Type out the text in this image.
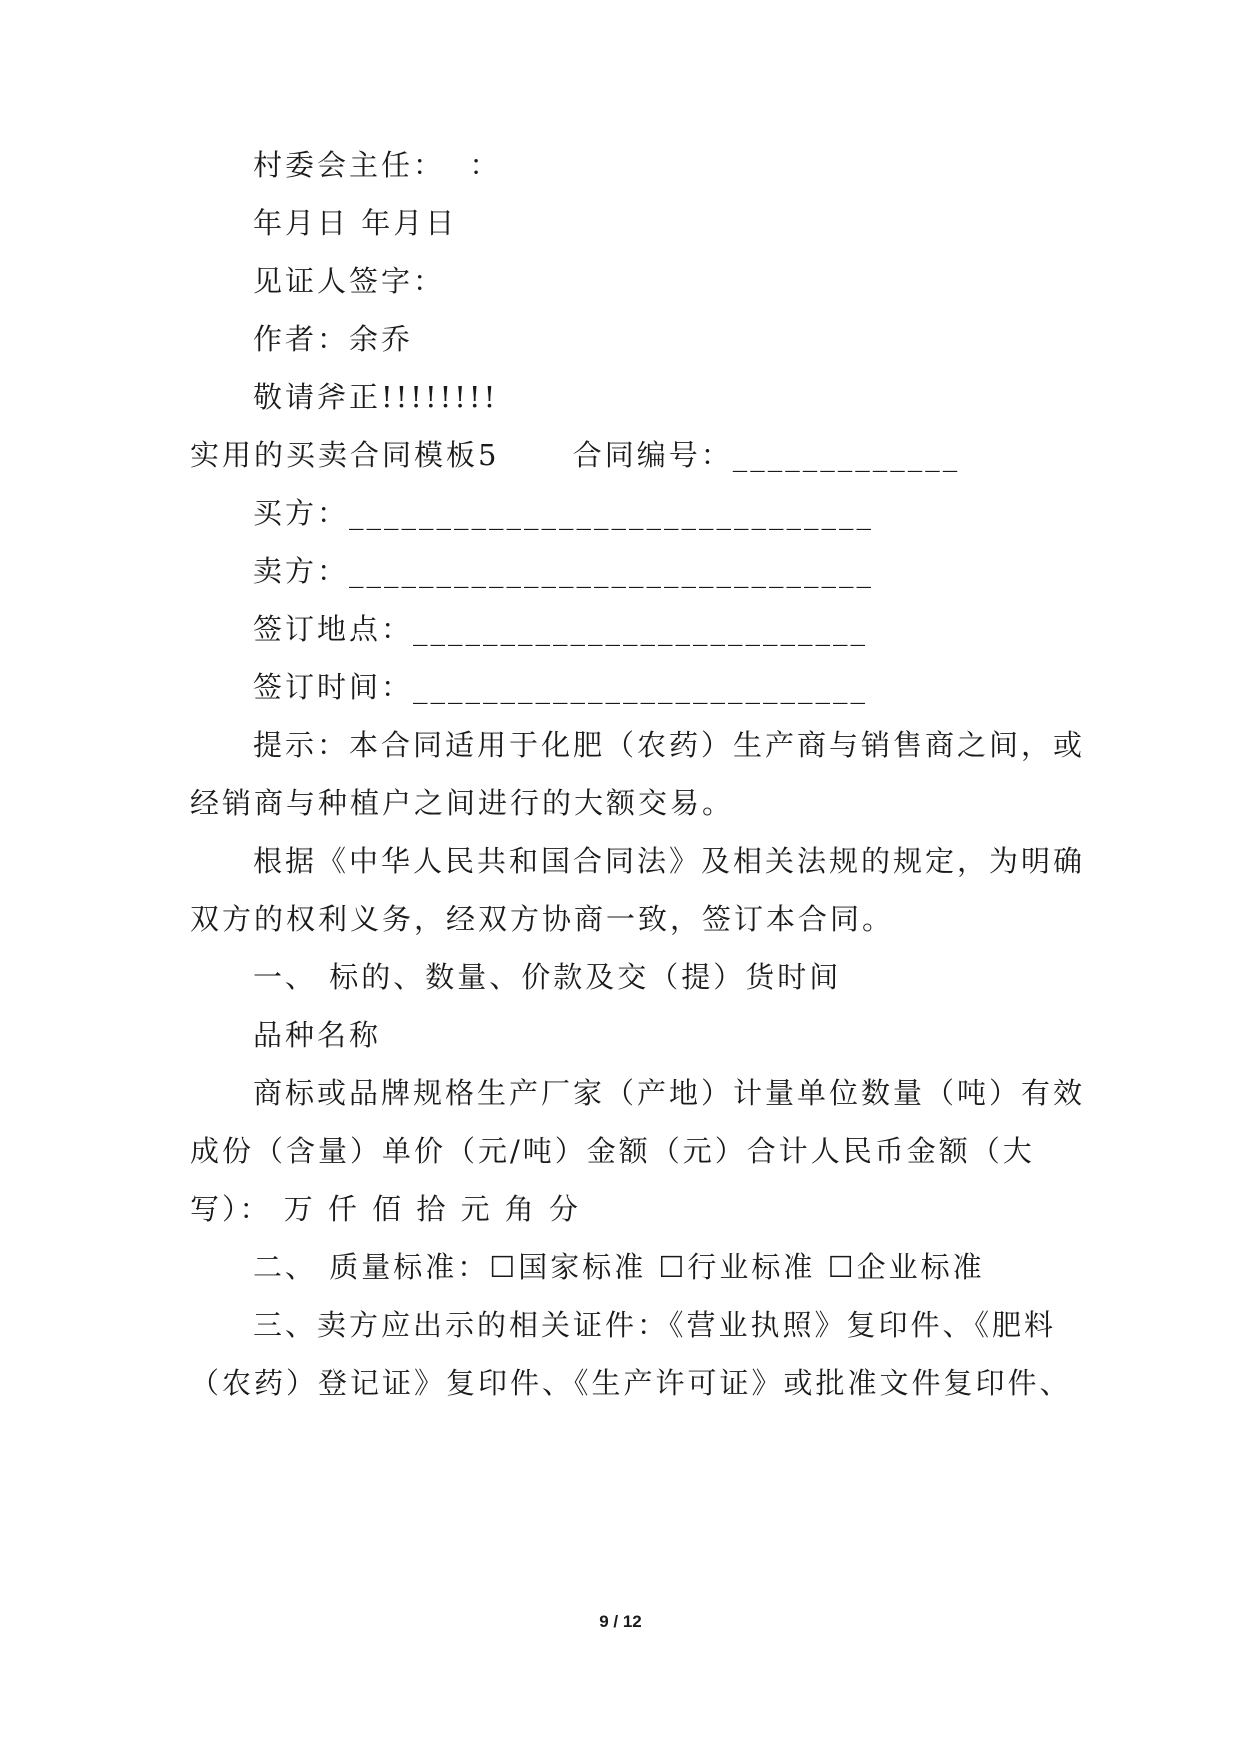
村委会主任：  ：
年月日 年月日
见证人签字：
作者：余乔
敬请斧正!!!!!!!!
实用的买卖合同模板5      合同编号：_____________
买方：______________________________
卖方：______________________________
签订地点：__________________________
签订时间：__________________________
提示：本合同适用于化肥（农药）生产商与销售商之间，或
经销商与种植户之间进行的大额交易。
根据《中华人民共和国合同法》及相关法规的规定，为明确
双方的权利义务，经双方协商一致，签订本合同。
一、 标的、数量、价款及交（提）货时间
品种名称
商标或品牌规格生产厂家（产地）计量单位数量（吨）有效
成份（含量）单价（元/吨）金额（元）合计人民币金额（大
写）： 万 仟 佰 拾 元 角 分
二、 质量标准：☐国家标准 ☐行业标准 ☐企业标准
三、卖方应出示的相关证件：《营业执照》复印件、《肥料
（农药）登记证》复印件、《生产许可证》或批准文件复印件、
9 / 12
